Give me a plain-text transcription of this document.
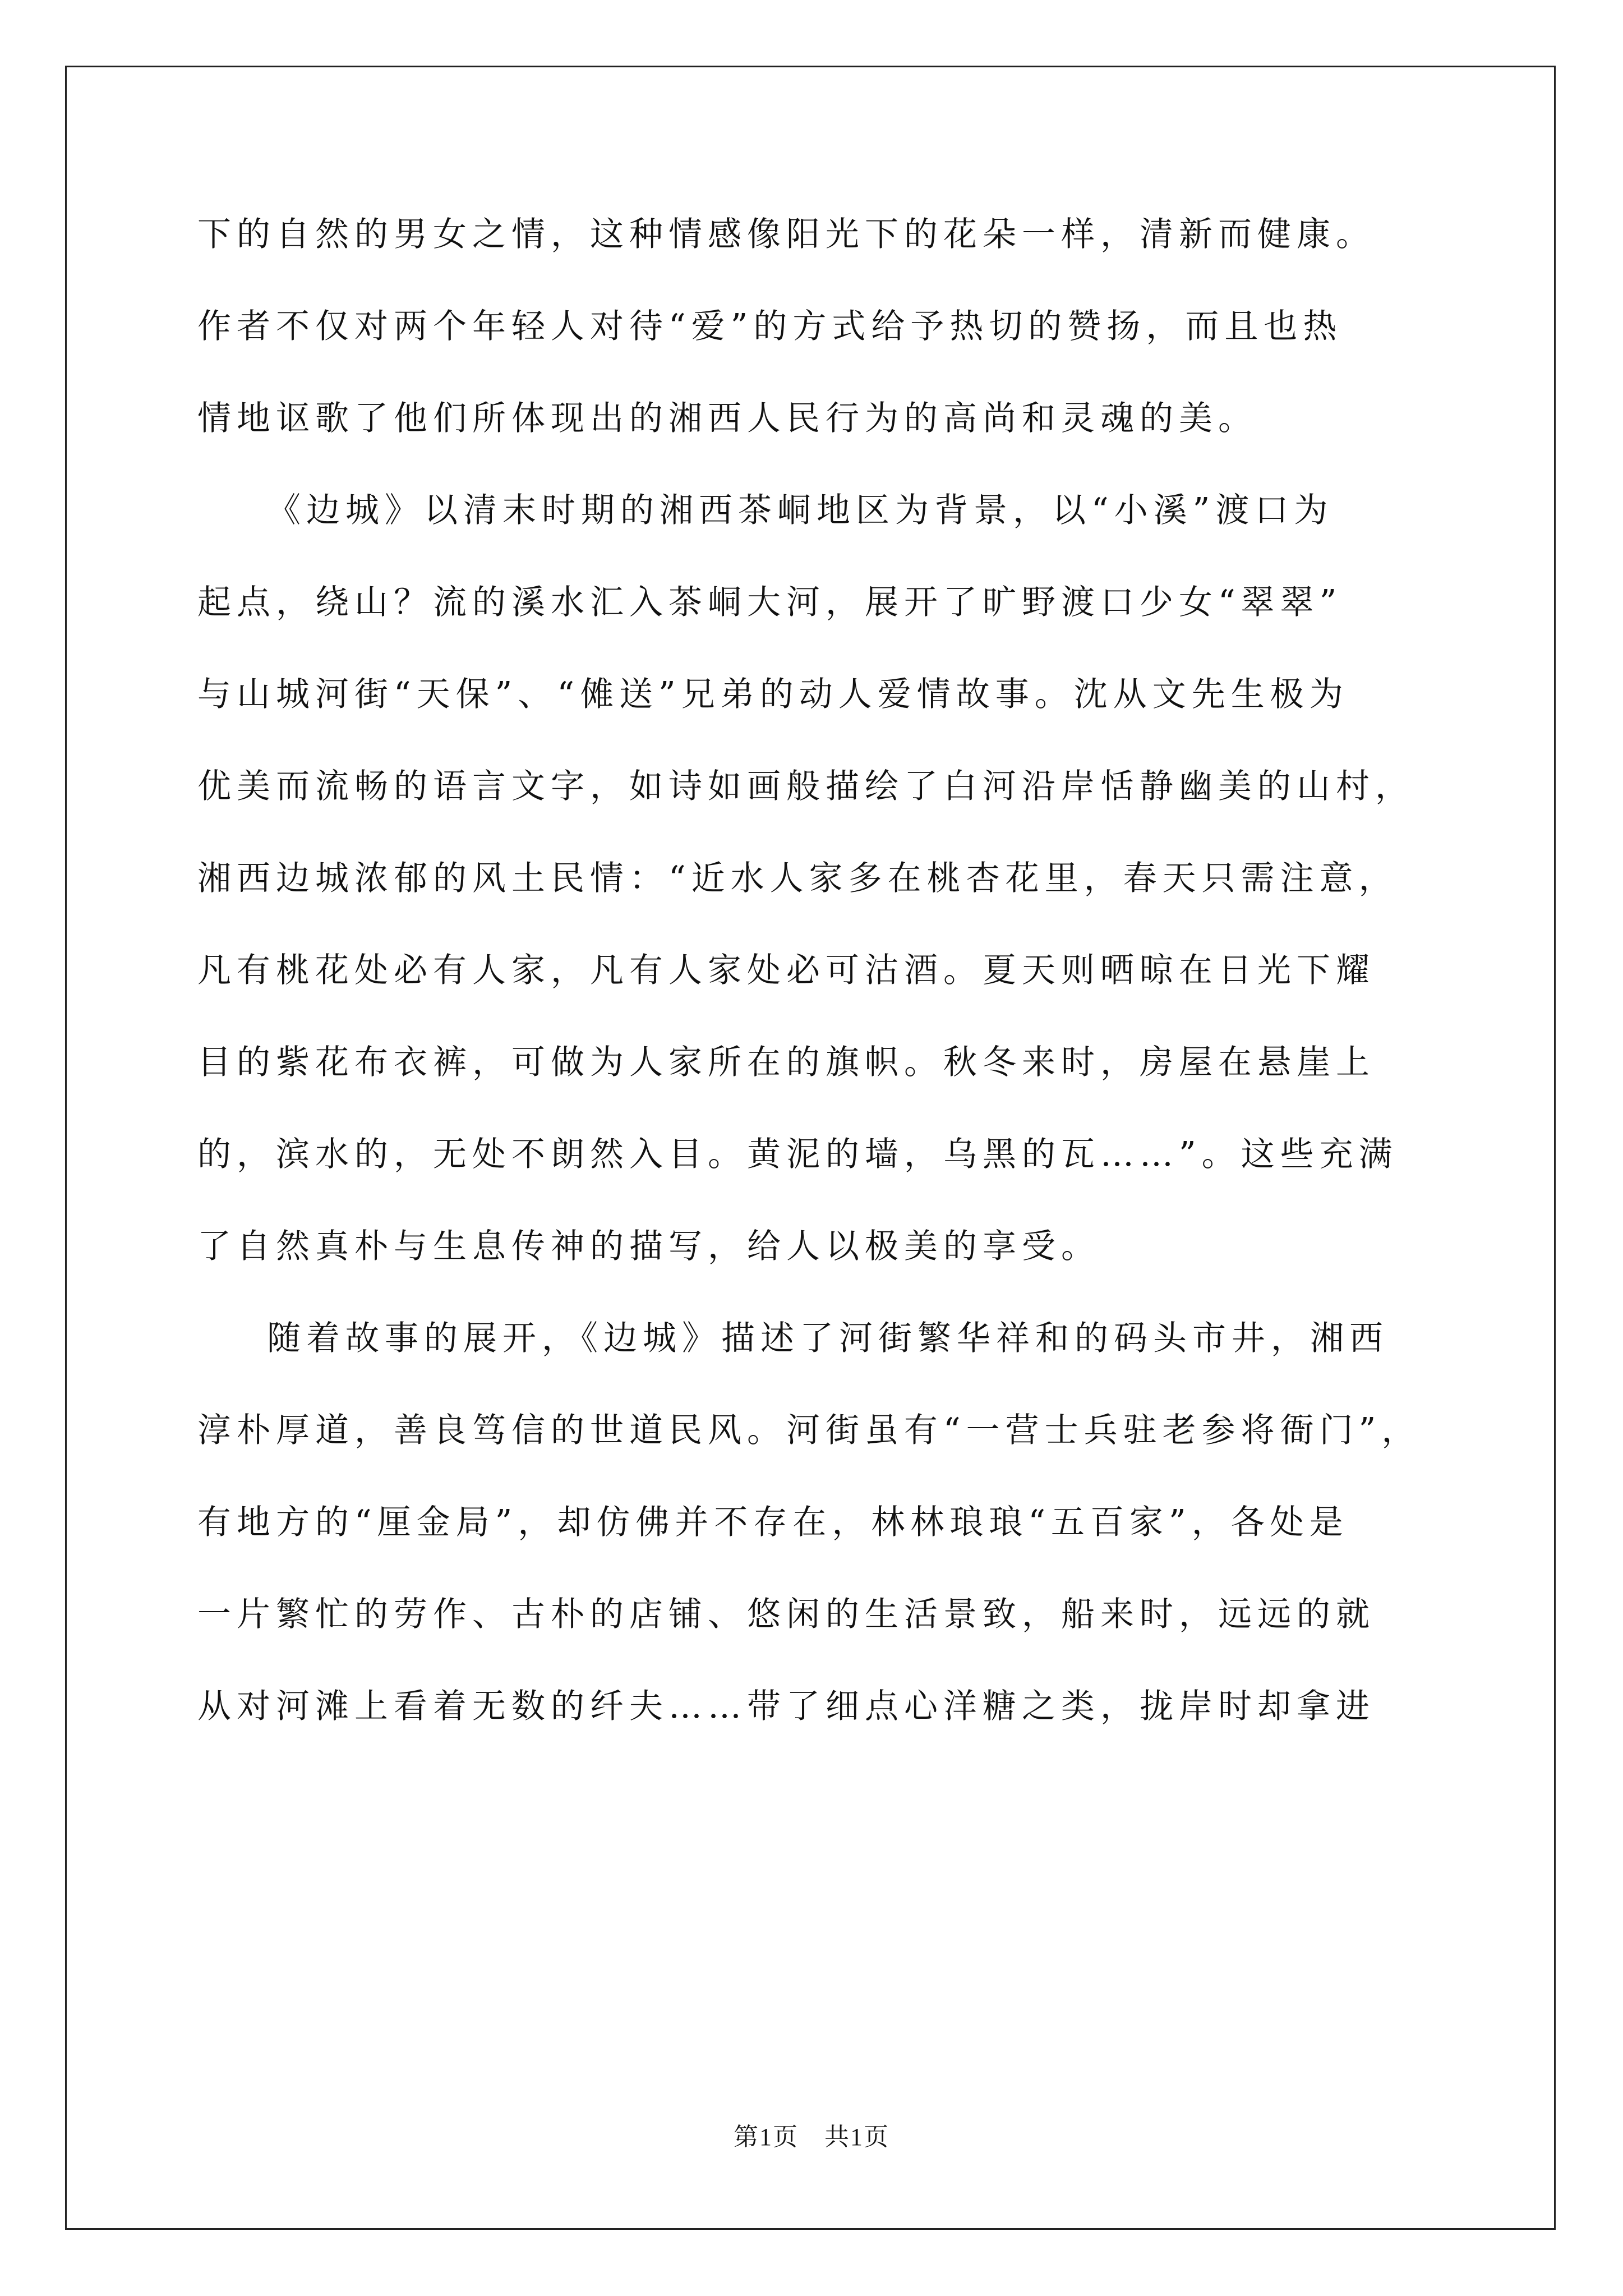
下的自然的男女之情，这种情感像阳光下的花朵一样，清新而健康。
作者不仅对两个年轻人对待“爱”的方式给予热切的赞扬，而且也热
情地讴歌了他们所体现出的湘西人民行为的高尚和灵魂的美。
《边城》以清末时期的湘西茶峒地区为背景，以“小溪”渡口为
起点，绕山？流的溪水汇入茶峒大河，展开了旷野渡口少女“翠翠”
与山城河街“天保”、“傩送”兄弟的动人爱情故事。沈从文先生极为
优美而流畅的语言文字，如诗如画般描绘了白河沿岸恬静幽美的山村，
湘西边城浓郁的风土民情：“近水人家多在桃杏花里，春天只需注意，
凡有桃花处必有人家，凡有人家处必可沽酒。夏天则晒晾在日光下耀
目的紫花布衣裤，可做为人家所在的旗帜。秋冬来时，房屋在悬崖上
的，滨水的，无处不朗然入目。黄泥的墙，乌黑的瓦……”。这些充满
了自然真朴与生息传神的描写，给人以极美的享受。
随着故事的展开，《边城》描述了河街繁华祥和的码头市井，湘西
淳朴厚道，善良笃信的世道民风。河街虽有“一营士兵驻老参将衙门”，
有地方的“厘金局”，却仿佛并不存在，林林琅琅“五百家”，各处是
一片繁忙的劳作、古朴的店铺、悠闲的生活景致，船来时，远远的就
从对河滩上看着无数的纤夫……带了细点心洋糖之类，拢岸时却拿进
第1页　共1页
